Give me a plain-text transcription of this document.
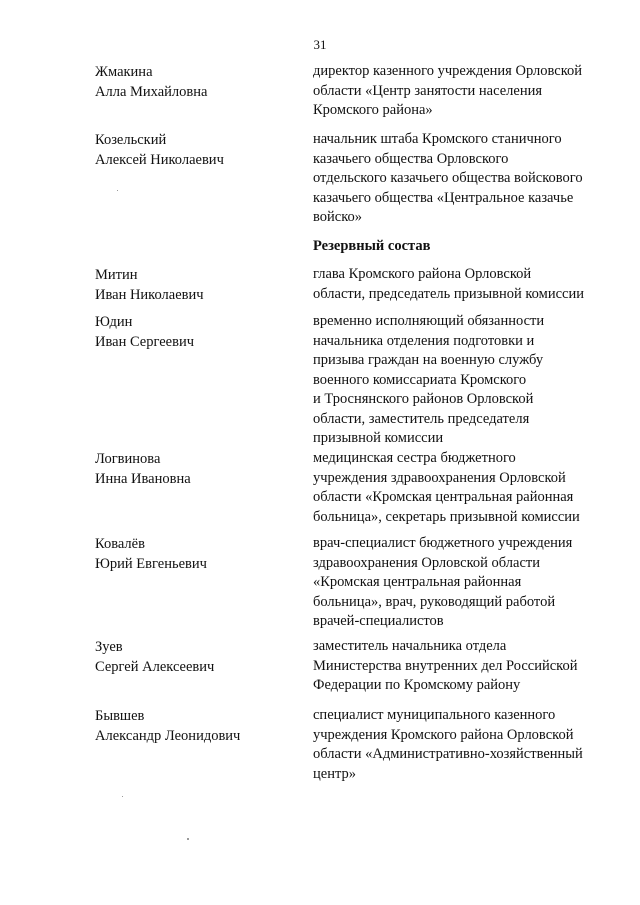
31
Жмакина
Алла Михайловна
директор казенного учреждения Орловской
области «Центр занятости населения
Кромского района»
Козельский
Алексей Николаевич
начальник штаба Кромского станичного
казачьего общества Орловского
отдельского казачьего общества войскового
казачьего общества «Центральное казачье
войско»
Резервный состав
Митин
Иван Николаевич
глава Кромского района Орловской
области, председатель призывной комиссии
Юдин
Иван Сергеевич
временно исполняющий обязанности
начальника отделения подготовки и
призыва граждан на военную службу
военного комиссариата Кромского
и Троснянского районов Орловской
области, заместитель председателя
призывной комиссии
Логвинова
Инна Ивановна
медицинская сестра бюджетного
учреждения здравоохранения Орловской
области «Кромская центральная районная
больница», секретарь призывной комиссии
Ковалёв
Юрий Евгеньевич
врач-специалист бюджетного учреждения
здравоохранения Орловской области
«Кромская центральная районная
больница», врач, руководящий работой
врачей-специалистов
Зуев
Сергей Алексеевич
заместитель начальника отдела
Министерства внутренних дел Российской
Федерации по Кромскому району
Бывшев
Александр Леонидович
специалист муниципального казенного
учреждения Кромского района Орловской
области «Административно-хозяйственный
центр»
